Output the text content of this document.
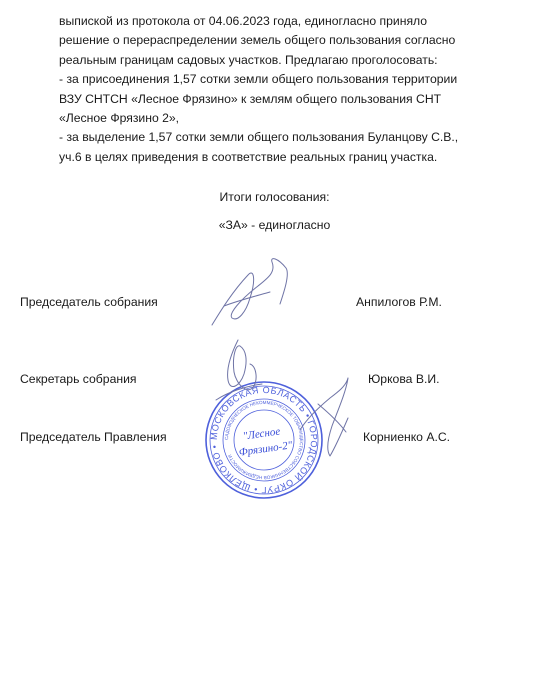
выпиской из протокола от 04.06.2023 года, единогласно приняло
решение о перераспределении земель общего пользования согласно
реальным границам садовых участков. Предлагаю проголосовать:
- за присоединения 1,57 сотки земли общего пользования территории
ВЗУ СНТСН «Лесное Фрязино» к землям общего пользования СНТ
«Лесное Фрязино 2»,
- за выделение 1,57 сотки земли общего пользования Буланцову С.В.,
уч.6 в целях приведения в соответствие реальных границ участка.
Итоги голосования:
«ЗА» - единогласно
Председатель собрания	Анпилогов Р.М.
Секретарь собрания	Юркова В.И.
Председатель Правления	Корниенко А.С.
МОСКОВСКАЯ ОБЛАСТЬ • ГОРОДСКОЙ ОКРУГ • ЩЁЛКОВО •
САДОВОДЧЕСКОЕ НЕКОММЕРЧЕСКОЕ ТОВАРИЩЕСТВО СОБСТВЕННИКОВ НЕДВИЖИМОСТИ
"Лесное
Фрязино-2"
